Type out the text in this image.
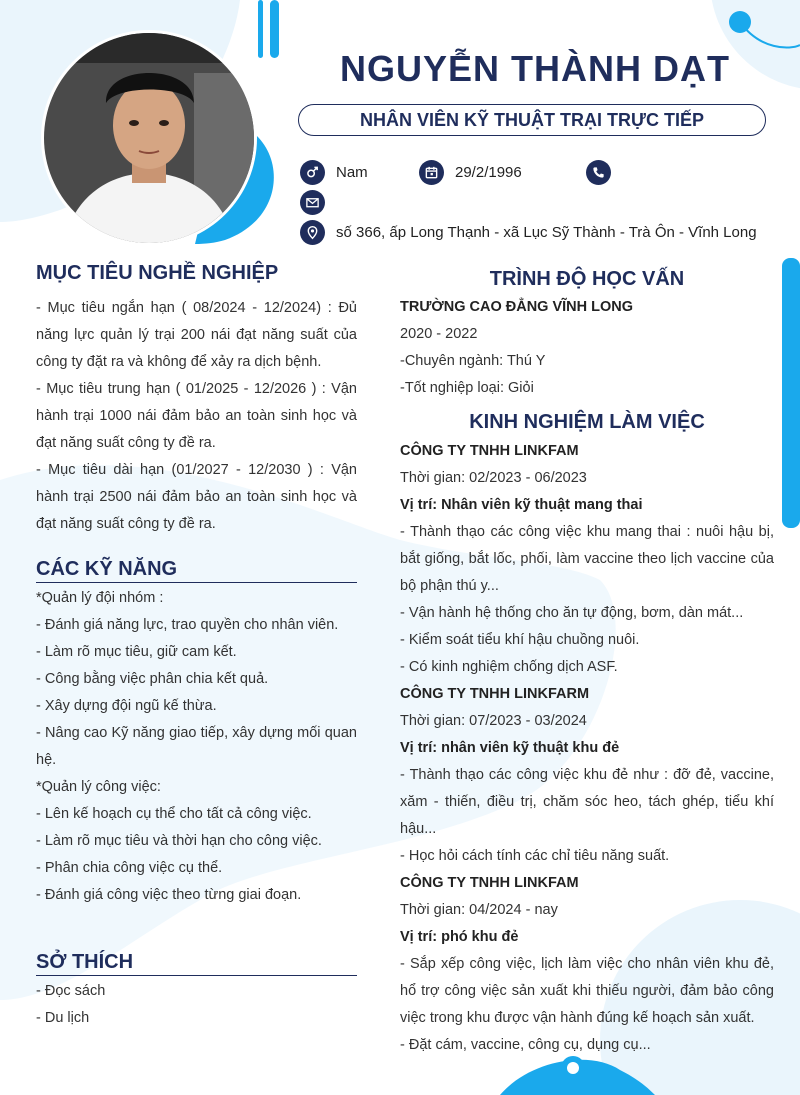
NGUYỄN THÀNH DẠT
NHÂN VIÊN KỸ THUẬT TRẠI TRỰC TIẾP
Nam	29/2/1996
số 366, ấp Long Thạnh - xã Lục Sỹ Thành - Trà Ôn - Vĩnh Long
MỤC TIÊU NGHỀ NGHIỆP

- Mục tiêu ngắn hạn ( 08/2024 - 12/2024) : Đủ năng lực quản lý trại 200 nái đạt năng suất của công ty đặt ra và không để xảy ra dịch bệnh.

- Mục tiêu trung hạn ( 01/2025 - 12/2026 ) : Vận hành trại 1000 nái đảm bảo an toàn sinh học và đạt năng suất công ty đề ra.

- Mục tiêu dài hạn (01/2027 - 12/2030 ) : Vận hành trại 2500 nái đảm bảo an toàn sinh học và đạt năng suất công ty đề ra.

CÁC KỸ NĂNG

*Quản lý đội nhóm :

- Đánh giá năng lực, trao quyền cho nhân viên.

- Làm rõ mục tiêu, giữ cam kết.

- Công bằng việc phân chia kết quả.

- Xây dựng đội ngũ kế thừa.

- Nâng cao Kỹ năng giao tiếp, xây dựng mối quan hệ.

*Quản lý công việc:

- Lên kế hoạch cụ thể cho tất cả công việc.

- Làm rõ mục tiêu và thời hạn cho công việc.

- Phân chia công việc cụ thể.

- Đánh giá công việc theo từng giai đoạn.

SỞ THÍCH

- Đọc sách

- Du lịch

TRÌNH ĐỘ HỌC VẤN

TRƯỜNG CAO ĐẲNG VĨNH LONG

2020 - 2022

-Chuyên ngành: Thú Y

-Tốt nghiệp loại: Giỏi

KINH NGHIỆM LÀM VIỆC

CÔNG TY TNHH LINKFAM

Thời gian: 02/2023 - 06/2023

Vị trí: Nhân viên kỹ thuật mang thai

- Thành thạo các công việc khu mang thai : nuôi hậu bị, bắt giống, bắt lốc, phối, làm vaccine theo lịch vaccine của bộ phận thú y...

- Vận hành hệ thống cho ăn tự động, bơm, dàn mát...

- Kiểm soát tiểu khí hậu chuồng nuôi.

- Có kinh nghiệm chống dịch ASF.

CÔNG TY TNHH LINKFARM

Thời gian: 07/2023 - 03/2024

Vị trí: nhân viên kỹ thuật khu đẻ

- Thành thạo các công việc khu đẻ như : đỡ đẻ, vaccine, xăm - thiến, điều trị, chăm sóc heo, tách ghép, tiểu khí hậu...

- Học hỏi cách tính các chỉ tiêu năng suất.

CÔNG TY TNHH LINKFAM

Thời gian: 04/2024 - nay

Vị trí: phó khu đẻ

- Sắp xếp công việc, lịch làm việc cho nhân viên khu đẻ, hổ trợ công việc sản xuất khi thiếu người, đảm bảo công việc trong khu được vận hành đúng kế hoạch sản xuất.

- Đặt cám, vaccine, công cụ, dụng cụ...
